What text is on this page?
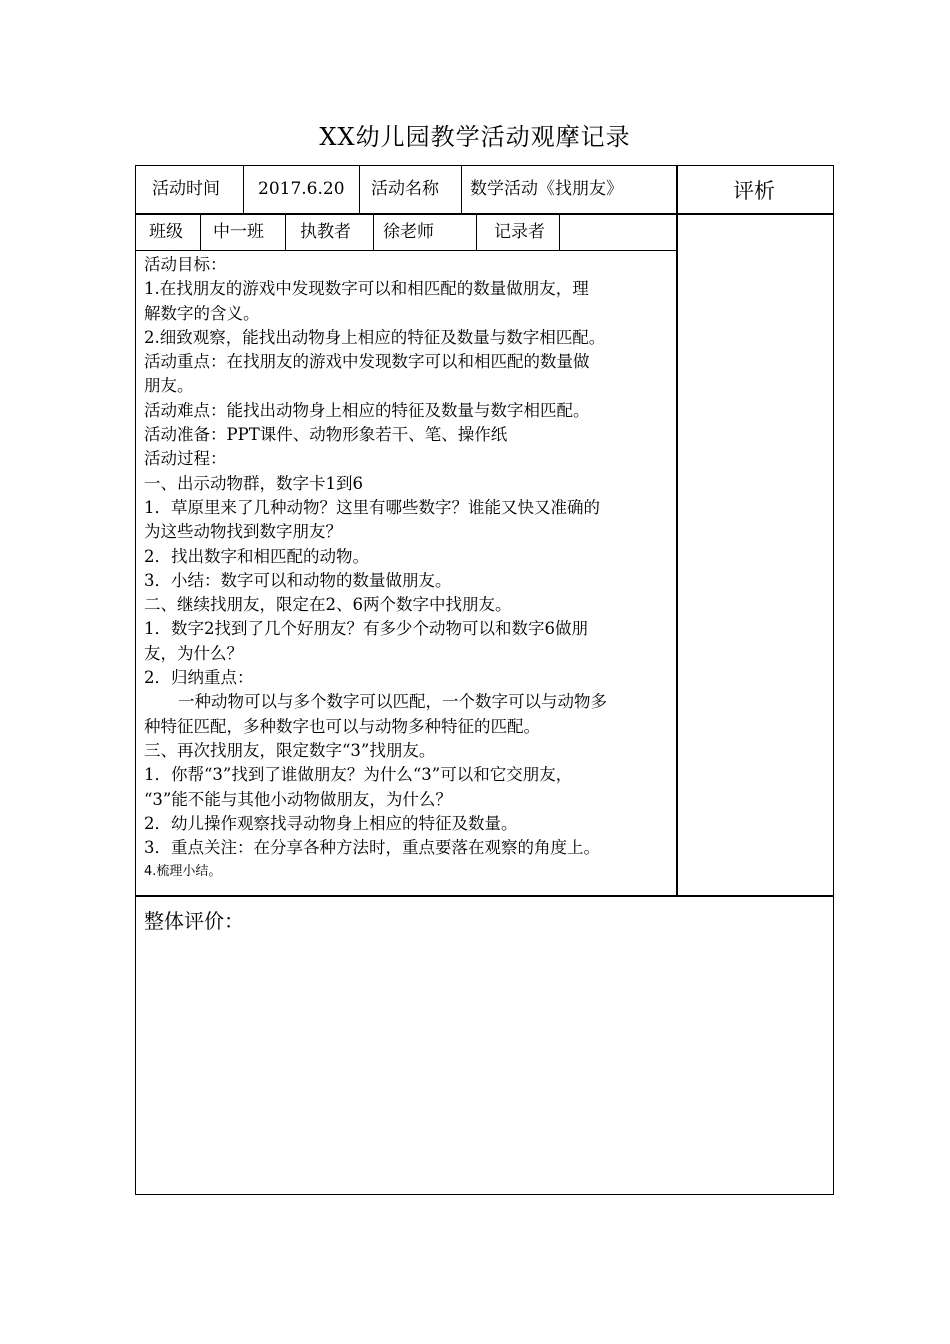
XX幼儿园教学活动观摩记录
活动时间 2017.6.20 活动名称 数学活动《找朋友》	评析
班级 中一班 执教者 徐老师	记录者

活动目标：

1.在找朋友的游戏中发现数字可以和相匹配的数量做朋友，理

解数字的含义。

2.细致观察，能找出动物身上相应的特征及数量与数字相匹配。

活动重点：在找朋友的游戏中发现数字可以和相匹配的数量做

朋友。

活动难点：能找出动物身上相应的特征及数量与数字相匹配。

活动准备：PPT课件、动物形象若干、笔、操作纸

活动过程：

一、出示动物群，数字卡1到6

1．草原里来了几种动物？这里有哪些数字？谁能又快又准确的

为这些动物找到数字朋友？

2．找出数字和相匹配的动物。

3．小结：数字可以和动物的数量做朋友。

二、继续找朋友，限定在2、6两个数字中找朋友。

1．数字2找到了几个好朋友？有多少个动物可以和数字6做朋

友，为什么？

2．归纳重点：

一种动物可以与多个数字可以匹配，一个数字可以与动物多

种特征匹配，多种数字也可以与动物多种特征的匹配。

三、再次找朋友，限定数字“3”找朋友。

1．你帮“3”找到了谁做朋友？为什么“3”可以和它交朋友，

“3”能不能与其他小动物做朋友，为什么？

2．幼儿操作观察找寻动物身上相应的特征及数量。

3．重点关注：在分享各种方法时，重点要落在观察的角度上。

4.梳理小结。

整体评价：
